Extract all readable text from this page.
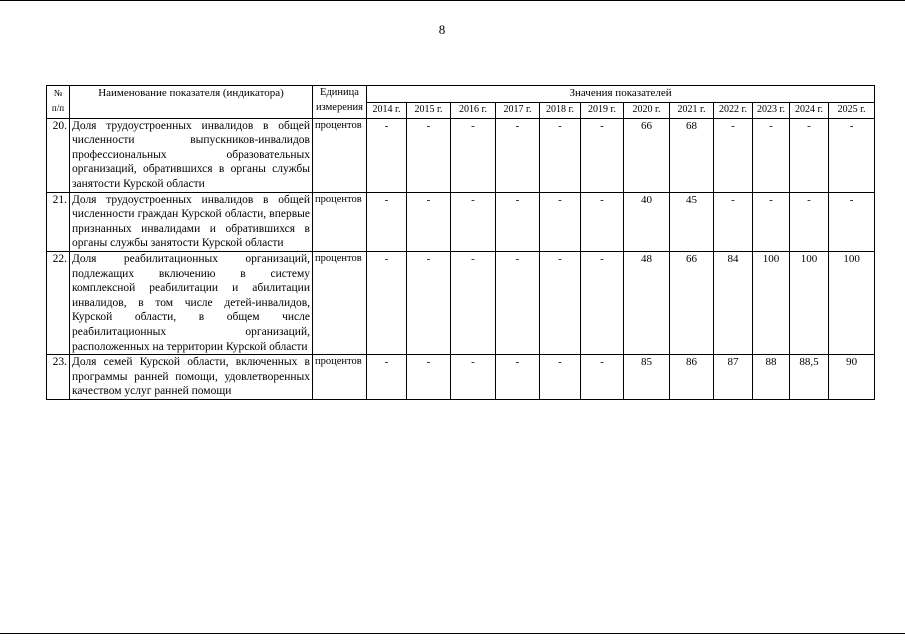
8
№ п/п	Наименование показателя (индикатора)	Единица измерения	Значения показателей											
			2014 г.	2015 г.	2016 г.	2017 г.	2018 г.	2019 г.	2020 г.	2021 г.	2022 г.	2023 г.	2024 г.	2025 г.
20.	Доля трудоустроенных инвалидов в общей численности выпускников-инвалидов профессиональных образовательных организаций, обратившихся в органы службы занятости Курской области	процентов	-	-	-	-	-	-	66	68	-	-	-	-
21.	Доля трудоустроенных инвалидов в общей численности граждан Курской области, впервые признанных инвалидами и обратившихся в органы службы занятости Курской области	процентов	-	-	-	-	-	-	40	45	-	-	-	-
22.	Доля реабилитационных организаций, подлежащих включению в систему комплексной реабилитации и абилитации инвалидов, в том числе детей-инвалидов, Курской области, в общем числе реабилитационных организаций, расположенных на территории Курской области	процентов	-	-	-	-	-	-	48	66	84	100	100	100
23.	Доля семей Курской области, включенных в программы ранней помощи, удовлетворенных качеством услуг ранней помощи	процентов	-	-	-	-	-	-	85	86	87	88	88,5	90
